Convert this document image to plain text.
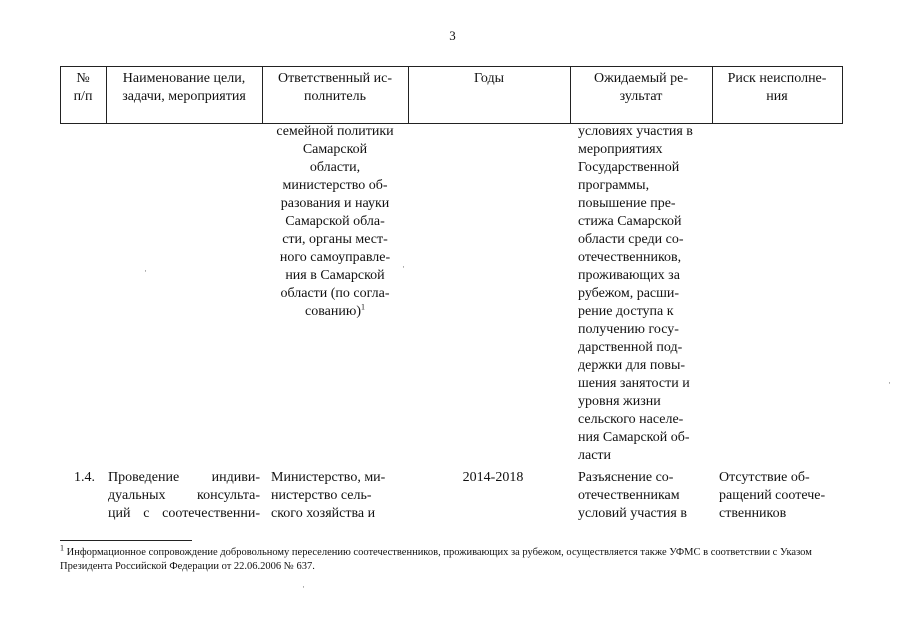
3
№
п/п
Наименование цели,
задачи, мероприятия
Ответственный ис-
полнитель
Годы	Ожидаемый ре-
зультат
Риск неисполне-
ния
семейной политики
Самарской
области,
министерство об-
разования и науки
Самарской обла-
сти, органы мест-
ного самоуправле-
ния в Самарской
области (по согла-
сованию)$^1$
условиях участия в
мероприятиях
Государственной
программы,
повышение пре-
стижа Самарской
области среди со-
отечественников,
проживающих за
рубежом, расши-
рение доступа к
получению госу-
дарственной под-
держки для повы-
шения занятости и
уровня жизни
сельского населе-
ния Самарской об-
ласти
1.4. Проведение индиви-
дуальных консульта-
ций с соотечественни-
Министерство, ми-
нистерство сель-
ского хозяйства и
2014-2018	Разъяснение со-
отечественникам
условий участия в
Отсутствие об-
ращений соотече-
ственников
·
·
·
·
$^1$ Информационное сопровождение добровольному переселению соотечественников, проживающих за рубежом, осуществляется также УФМС в соответствии с Указом Президента Российской Федерации от 22.06.2006 № 637.
